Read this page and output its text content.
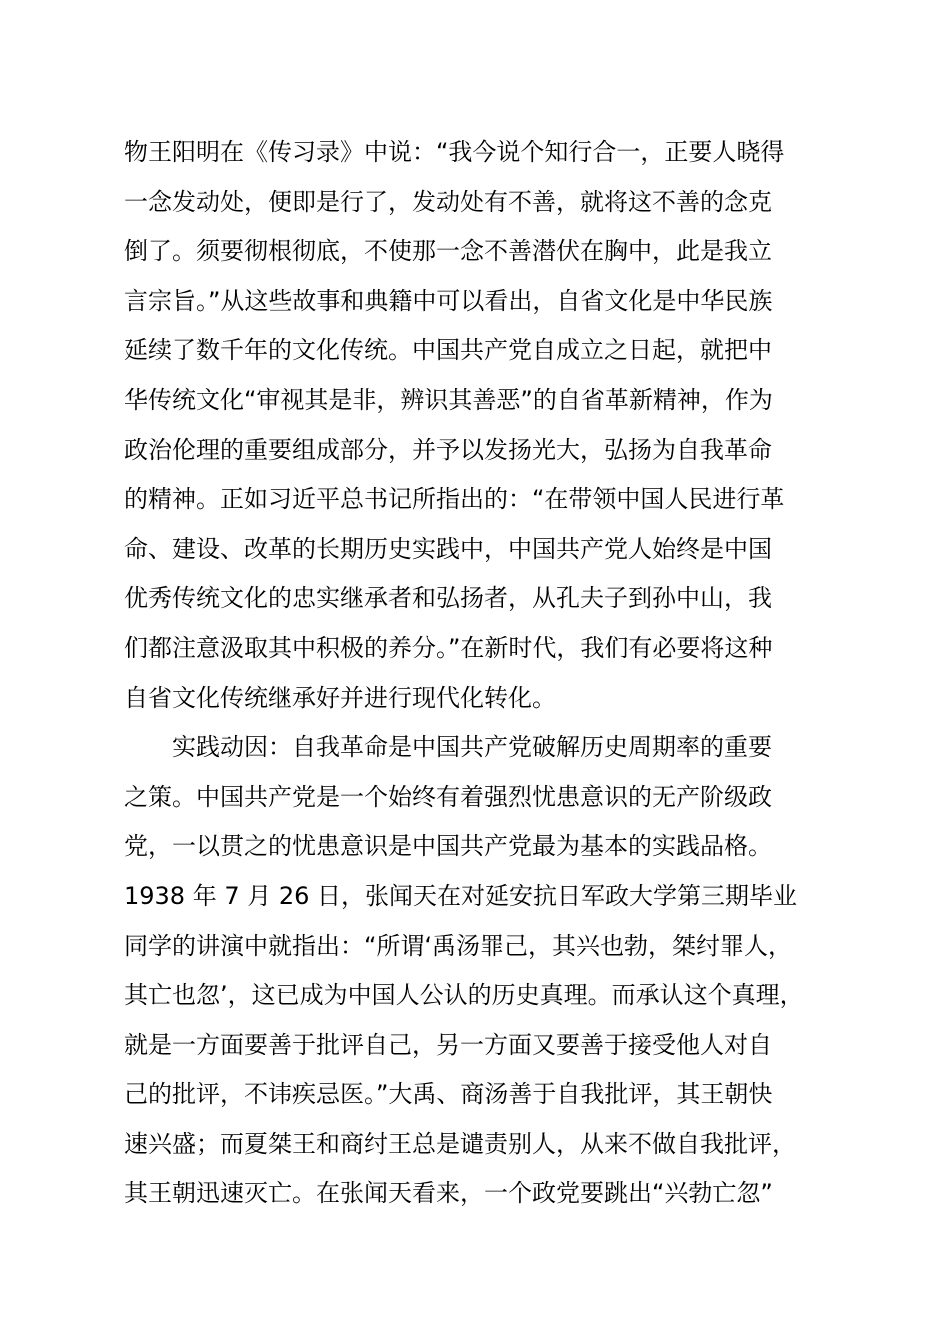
物王阳明在《传习录》中说：“我今说个知行合一，正要人晓得
一念发动处，便即是行了，发动处有不善，就将这不善的念克
倒了。须要彻根彻底，不使那一念不善潜伏在胸中，此是我立
言宗旨。”从这些故事和典籍中可以看出，自省文化是中华民族
延续了数千年的文化传统。中国共产党自成立之日起，就把中
华传统文化“审视其是非，辨识其善恶”的自省革新精神，作为
政治伦理的重要组成部分，并予以发扬光大，弘扬为自我革命
的精神。正如习近平总书记所指出的：“在带领中国人民进行革
命、建设、改革的长期历史实践中，中国共产党人始终是中国
优秀传统文化的忠实继承者和弘扬者，从孔夫子到孙中山，我
们都注意汲取其中积极的养分。”在新时代，我们有必要将这种
自省文化传统继承好并进行现代化转化。
　　实践动因：自我革命是中国共产党破解历史周期率的重要
之策。中国共产党是一个始终有着强烈忧患意识的无产阶级政
党，一以贯之的忧患意识是中国共产党最为基本的实践品格。
1938 年 7 月 26 日，张闻天在对延安抗日军政大学第三期毕业
同学的讲演中就指出：“所谓‘禹汤罪己，其兴也勃，桀纣罪人，
其亡也忽’，这已成为中国人公认的历史真理。而承认这个真理，
就是一方面要善于批评自己，另一方面又要善于接受他人对自
己的批评，不讳疾忌医。”大禹、商汤善于自我批评，其王朝快
速兴盛；而夏桀王和商纣王总是谴责别人，从来不做自我批评，
其王朝迅速灭亡。在张闻天看来，一个政党要跳出“兴勃亡忽”
